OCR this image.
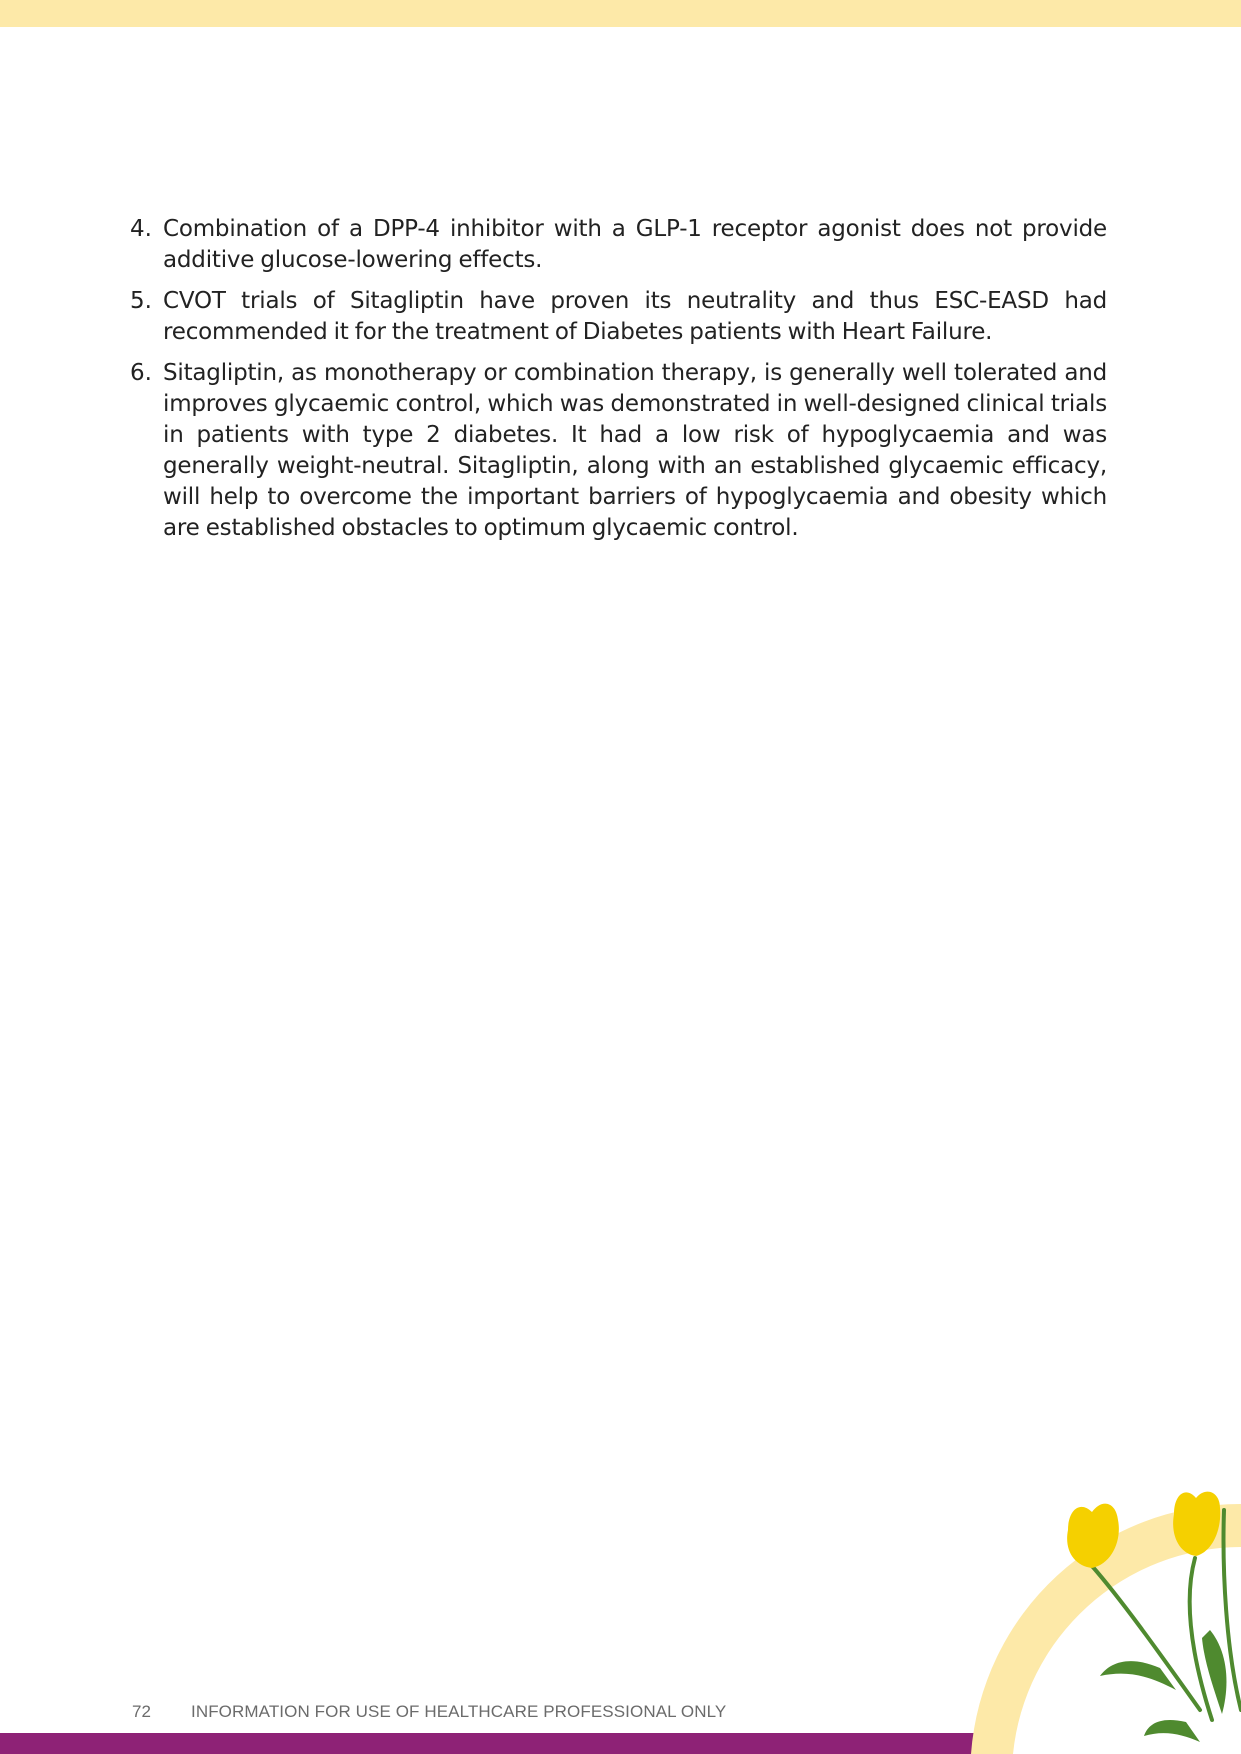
4. Combination of a DPP-4 inhibitor with a GLP-1 receptor agonist does not provide additive glucose-lowering effects.
5. CVOT trials of Sitagliptin have proven its neutrality and thus ESC-EASD had recommended it for the treatment of Diabetes patients with Heart Failure.
6. Sitagliptin, as monotherapy or combination therapy, is generally well tolerated and improves glycaemic control, which was demonstrated in well-designed clinical trials in patients with type 2 diabetes. It had a low risk of hypoglycaemia and was generally weight-neutral. Sitagliptin, along with an established glycaemic efficacy, will help to overcome the important barriers of hypoglycaemia and obesity which are established obstacles to optimum glycaemic control.
72 INFORMATION FOR USE OF HEALTHCARE PROFESSIONAL ONLY
